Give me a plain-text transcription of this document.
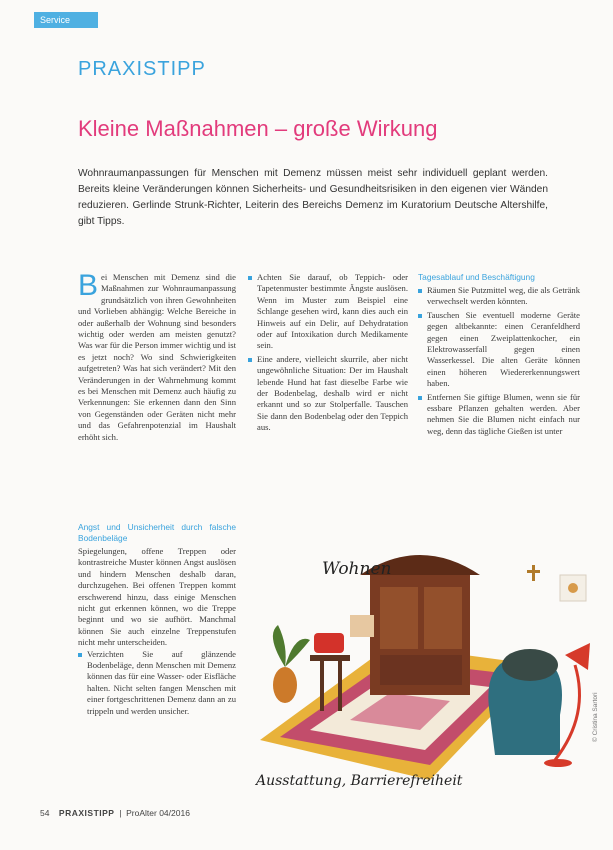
Service
PRAXISTIPP
Kleine Maßnahmen – große Wirkung
Wohnraumanpassungen für Menschen mit Demenz müssen meist sehr individuell geplant werden. Bereits kleine Veränderungen können Sicherheits- und Gesundheitsrisiken in den eigenen vier Wänden reduzieren. Gerlinde Strunk-Richter, Leiterin des Bereichs Demenz im Kuratorium Deutsche Altershilfe, gibt Tipps.
Bei Menschen mit Demenz sind die Maßnahmen zur Wohnraumanpassung grundsätzlich von ihren Gewohnheiten und Vorlieben abhängig: Welche Bereiche in oder außerhalb der Wohnung sind besonders wichtig oder werden am meisten genutzt? Was war für die Person immer wichtig und ist es jetzt noch? Wo sind Schwierigkeiten aufgetreten? Was hat sich verändert? Mit den Veränderungen in der Wahrnehmung kommt es bei Menschen mit Demenz auch häufig zu Verkennungen: Sie erkennen dann den Sinn von Gegenständen oder Geräten nicht mehr und das Gefahrenpotenzial im Haushalt erhöht sich.
Angst und Unsicherheit durch falsche Bodenbeläge
Spiegelungen, offene Treppen oder kontrastreiche Muster können Angst auslösen und hindern Menschen deshalb daran, durchzugehen. Bei offenen Treppen kommt erschwerend hinzu, dass einige Menschen nicht gut erkennen können, wo die Treppe beginnt und wo sie aufhört. Manchmal können Sie auch einzelne Treppenstufen nicht mehr unterscheiden.
Verzichten Sie auf glänzende Bodenbeläge, denn Menschen mit Demenz können das für eine Wasser- oder Eisfläche halten. Nicht selten fangen Menschen mit einer fortgeschrittenen Demenz dann an zu trippeln und werden unsicher.
Achten Sie darauf, ob Teppich- oder Tapetenmuster bestimmte Ängste auslösen. Wenn im Muster zum Beispiel eine Schlange gesehen wird, kann dies auch ein Hinweis auf ein Delir, auf Dehydratation oder auf Intoxikation durch Medikamente sein.
Eine andere, vielleicht skurrile, aber nicht ungewöhnliche Situation: Der im Haushalt lebende Hund hat fast dieselbe Farbe wie der Bodenbelag, deshalb wird er nicht erkannt und so zur Stolperfalle. Tauschen Sie dann den Bodenbelag oder den Teppich aus.
Tagesablauf und Beschäftigung
Räumen Sie Putzmittel weg, die als Getränk verwechselt werden könnten.
Tauschen Sie eventuell moderne Geräte gegen altbekannte: einen Ceranfeldherd gegen einen Zweiplattenkocher, ein Elektrowasserfall gegen einen Wasserkessel. Die alten Geräte können einen höheren Wiedererkennungswert haben.
Entfernen Sie giftige Blumen, wenn sie für essbare Pflanzen gehalten werden. Aber nehmen Sie die Blumen nicht einfach nur weg, denn das tägliche Gießen ist unter
Wohnen
Ausstattung, Barrierefreiheit
© Cristina Sartori
54 PRAXISTIPP  |  ProAlter 04/2016
